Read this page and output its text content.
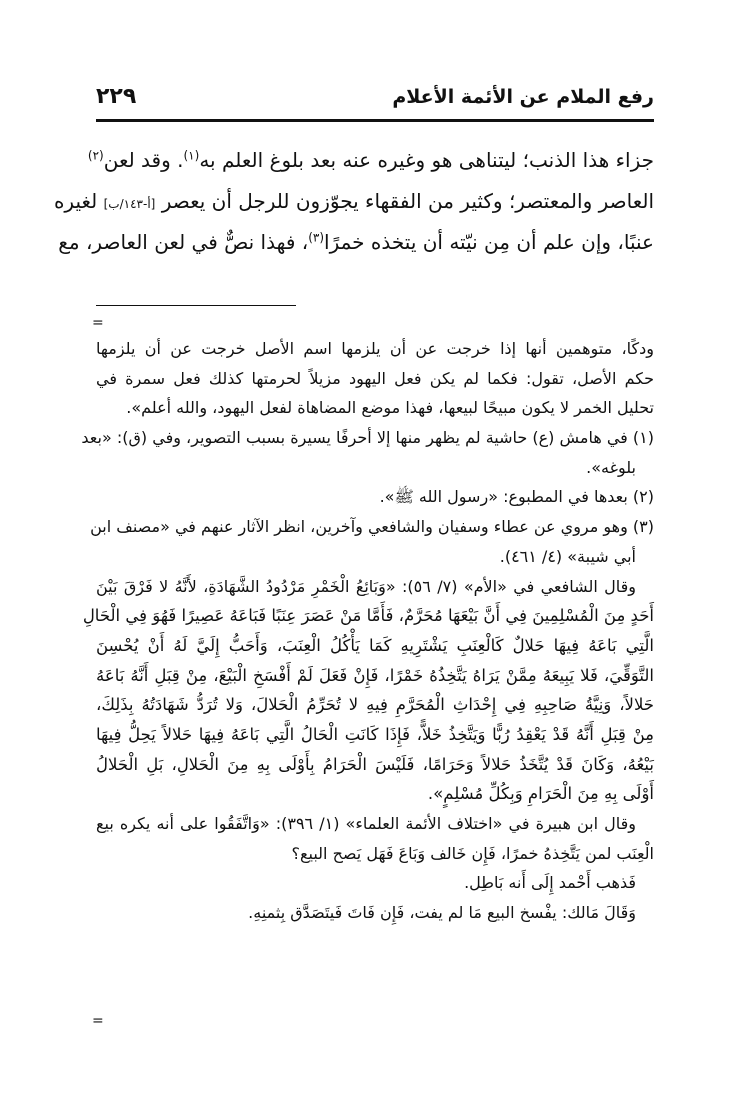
رفع الملام عن الأئمة الأعلام
٢٢٩
جزاء هذا الذنب؛ ليتناهى هو وغيره عنه بعد بلوغ العلم به$^{(١)}$. وقد لعن$^{(٢)}$
العاصر والمعتصر؛ وكثير من الفقهاء يجوّزون للرجل أن يعصر [أ-١٤٣/ب] لغيره
عنبًا، وإن علم أن مِن نيّته أن يتخذه خمرًا$^{(٣)}$، فهذا نصٌّ في لعن العاصر، مع
=
=
ودكًا، متوهمين أنها إذا خرجت عن أن يلزمها اسم الأصل خرجت عن أن يلزمها
حكم الأصل، تقول: فكما لم يكن فعل اليهود مزيلاً لحرمتها كذلك فعل سمرة في
تحليل الخمر لا يكون مبيحًا لبيعها، فهذا موضع المضاهاة لفعل اليهود، والله أعلم».
(١) في هامش (ع) حاشية لم يظهر منها إلا أحرفًا يسيرة بسبب التصوير، وفي (ق): «بعد
بلوغه».
(٢) بعدها في المطبوع: «رسول الله ﷺ».
(٣) وهو مروي عن عطاء وسفيان والشافعي وآخرين، انظر الآثار عنهم في «مصنف ابن
أبي شيبة» (٤/ ٤٦١).
وقال الشافعي في «الأم» (٧/ ٥٦): «وَبَائِعُ الْخَمْرِ مَرْدُودُ الشَّهَادَةِ، لأَنَّهُ لا فَرْقَ بَيْنَ
أَحَدٍ مِنَ الْمُسْلِمِينَ فِي أَنَّ بَيْعَهَا مُحَرَّمٌ، فَأَمَّا مَنْ عَصَرَ عِنَبًا فَبَاعَهُ عَصِيرًا فَهُوَ فِي الْحَالِ
الَّتِي بَاعَهُ فِيهَا حَلالٌ كَالْعِنَبِ يَشْتَرِيهِ كَمَا يَأْكُلُ الْعِنَبَ، وَأَحَبُّ إِلَيَّ لَهُ أَنْ يُحْسِنَ
التَّوَقِّيَ، فَلا يَبِيعَهُ مِمَّنْ يَرَاهُ يَتَّخِذُهُ خَمْرًا، فَإِنْ فَعَلَ لَمْ أَفْسَخِ الْبَيْعَ، مِنْ قِبَلِ أَنَّهُ بَاعَهُ
حَلالاً، وَنِيَّةُ صَاحِبِهِ فِي إِحْدَاثِ الْمُحَرَّمِ فِيهِ لا تُحَرِّمُ الْحَلالَ، وَلا تُرَدُّ شَهَادَتُهُ بِذَلِكَ،
مِنْ قِبَلِ أَنَّهُ قَدْ يَعْقِدُ رُبًّا وَيَتَّخِذُ خَلاًّ، فَإِذَا كَانَتِ الْحَالُ الَّتِي بَاعَهُ فِيهَا حَلالاً يَحِلُّ فِيهَا
بَيْعُهُ، وَكَانَ قَدْ يُتَّخَذُ حَلالاً وَحَرَامًا، فَلَيْسَ الْحَرَامُ بِأَوْلَى بِهِ مِنَ الْحَلالِ، بَلِ الْحَلالُ
أَوْلَى بِهِ مِنَ الْحَرَامِ وَبِكُلِّ مُسْلِمٍ».
وقال ابن هبيرة في «اختلاف الأئمة العلماء» (١/ ٣٩٦): «وَاتَّفَقُوا على أنه يكره بيع
الْعِنَب لمن يَتَّخِذهُ خمرًا، فَإِن خَالف وَبَاعَ فَهَل يَصح البيع؟
فَذهب أَحْمد إِلَى أَنه بَاطِل.
وَقَالَ مَالك: يفْسخ البيع مَا لم يفت، فَإِن فَاتَ فَيتَصَدَّق بِثمنِهِ.
